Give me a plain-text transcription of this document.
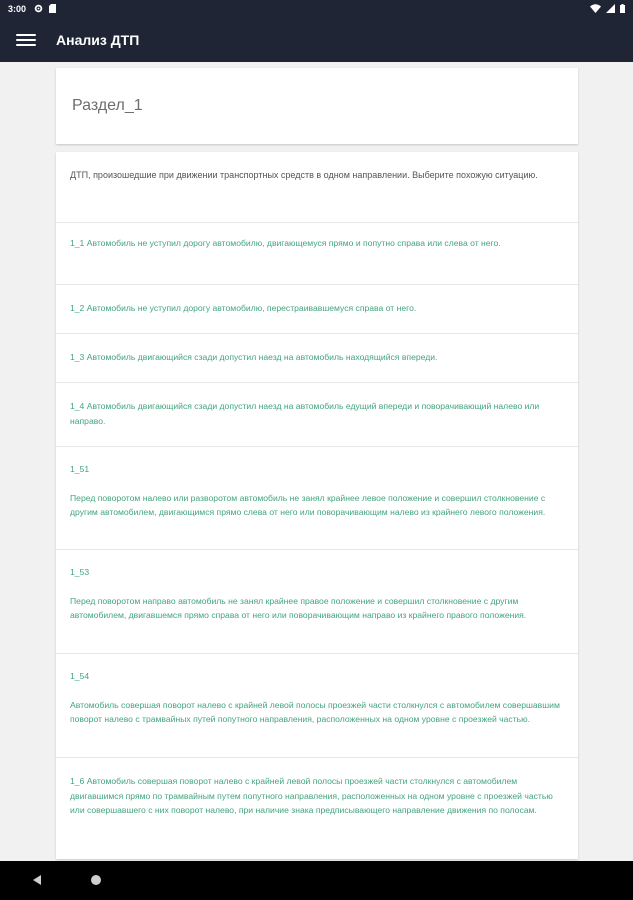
3:00
Анализ ДТП
Раздел_1
ДТП, произошедшие при движении транспортных средств в одном направлении. Выберите похожую ситуацию.
1_1 Автомобиль не уступил дорогу автомобилю, двигающемуся прямо и попутно справа или слева от него.
1_2 Автомобиль не уступил дорогу автомобилю, перестраивавшемуся справа от него.
1_3 Автомобиль двигающийся сзади допустил наезд на автомобиль находящийся впереди.
1_4 Автомобиль двигающийся сзади допустил наезд на автомобиль едущий впереди и поворачивающий налево или направо.
1_51
Перед поворотом налево или разворотом автомобиль не занял крайнее левое положение и совершил столкновение с другим автомобилем, двигающимся прямо слева от него или поворачивающим налево из крайнего левого положения.
1_53
Перед поворотом направо автомобиль не занял крайнее правое положение и совершил столкновение с другим автомобилем, двигавшемся прямо справа от него или поворачивающим направо из крайнего правого положения.
1_54
Автомобиль совершая поворот налево с крайней левой полосы проезжей части столкнулся с автомобилем совершавшим поворот налево с трамвайных путей попутного направления, расположенных на одном уровне с проезжей частью.
1_6 Автомобиль совершая поворот налево с крайней левой полосы проезжей части столкнулся с автомобилем двигавшимся прямо по трамвайным путем попутного направления, расположенных на одном уровне с проезжей частью или совершавшего с них поворот налево, при наличие знака предписывающего направление движения по полосам.
